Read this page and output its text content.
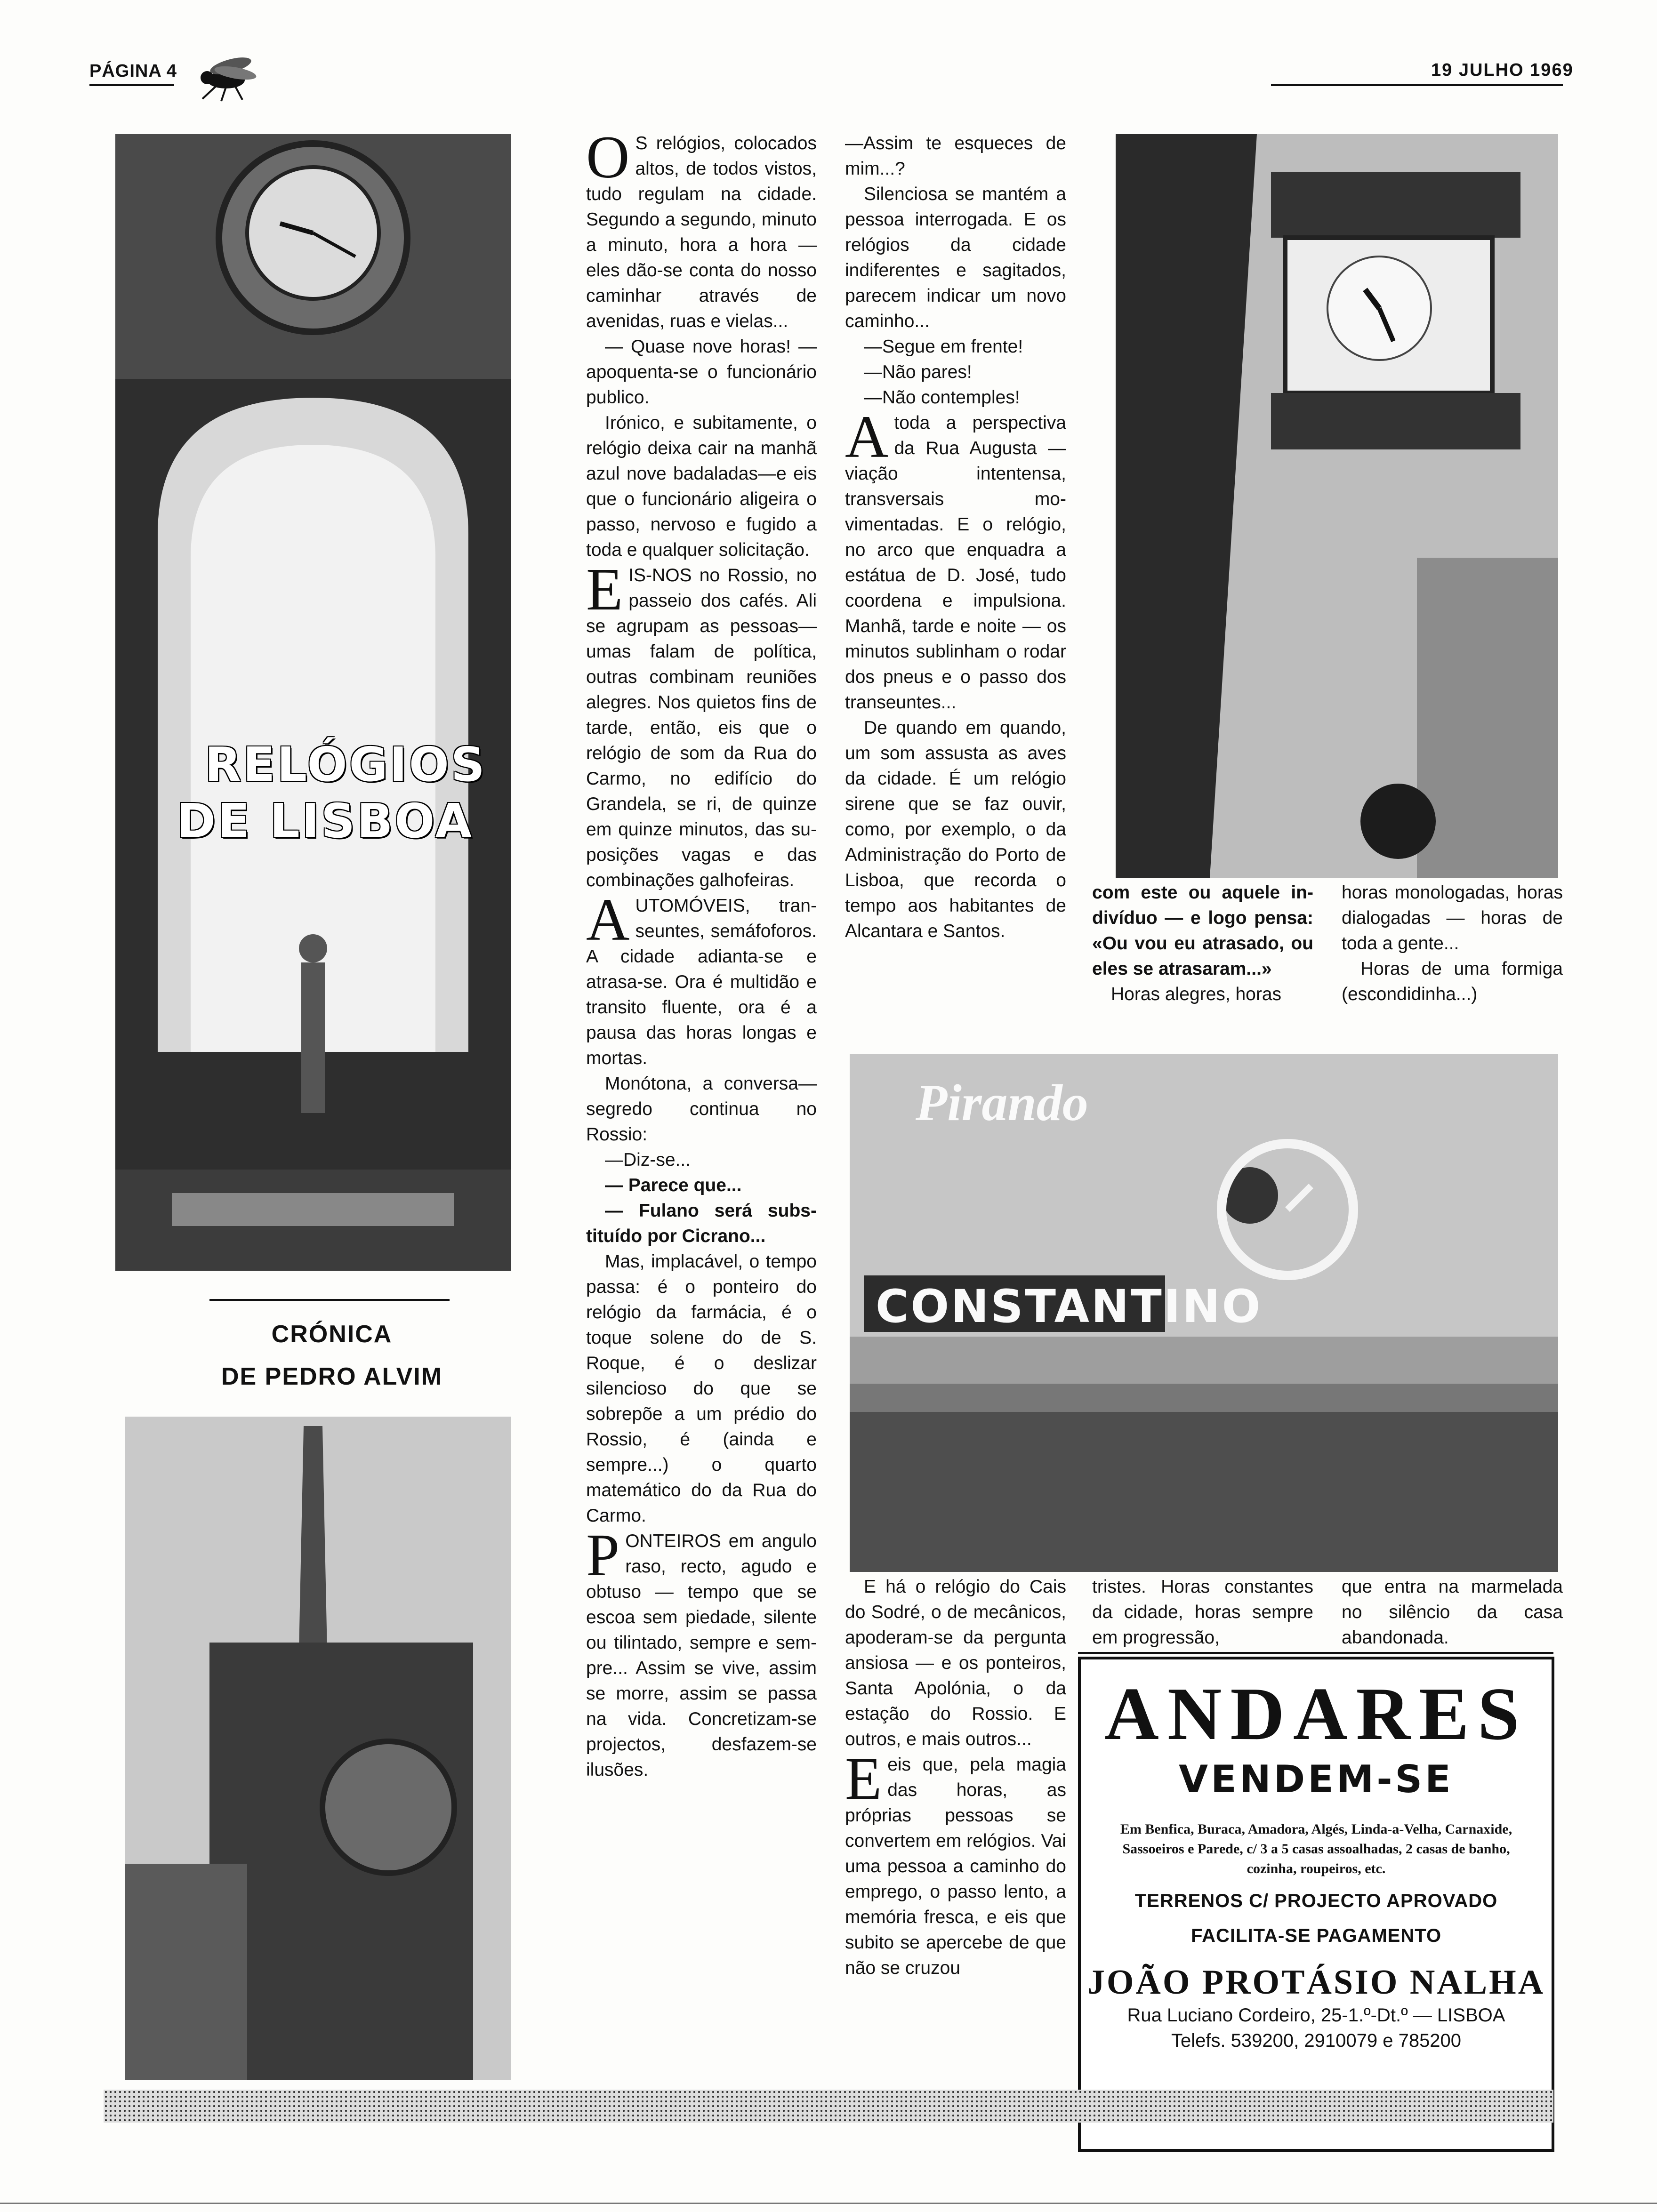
PÁGINA 4	19 JULHO 1969
RELÓGIOS
DE LISBOA
CRÓNICA
DE PEDRO ALVIM

O S relógios, colocados altos, de todos vistos, tudo regulam na cidade. Segundo a segundo, minuto a minuto, hora a hora — eles dão-se conta do nosso caminhar através de avenidas, ruas e vielas...

— Quase nove horas! — apoquenta-se o funcionário publico.

Irónico, e subitamente, o relógio deixa cair na manhã azul nove badaladas—e eis que o funcionário aligeira o passo, nervoso e fugido a toda e qualquer solicitação.

EIS-NOS no Rossio, no passeio dos cafés. Ali se agrupam as pessoas—umas falam de política, outras combinam reuniões alegres. Nos quietos fins de tarde, então, eis que o relógio de som da Rua do Carmo, no edifício do Grandela, se ri, de quinze em quinze minutos, das suposições vagas e das combinações galhofeiras.

AUTOMÓVEIS, transeuntes, semáfoforos. A cidade adianta-se e atrasa-se. Ora é multidão e transito fluente, ora é a pausa das horas longas e mortas.

Monótona, a conversa—segredo continua no Rossio:

—Diz-se...

— Parece que...

— Fulano será substituído por Cicrano...

Mas, implacável, o tempo passa: é o ponteiro do relógio da farmácia, é o toque solene do de S. Roque, é o deslizar silencioso do que se sobrepõe a um prédio do Rossio, é (ainda e sempre...) o quarto matemático do da Rua do Carmo.

PONTEIROS em angulo raso, recto, agudo e obtuso — tempo que se escoa sem piedade, silente ou tilintado, sempre e sempre... Assim se vive, assim se morre, assim se passa na vida. Concretizam-se projectos, desfazem-se ilusões.

—Assim te esqueces de mim...?

Silenciosa se mantém a pessoa interrogada. E os relógios da cidade indiferentes e sagitados, parecem indicar um novo caminho...

—Segue em frente!

—Não pares!

—Não contemples!

A toda a perspectiva da Rua Augusta — viação intentensa, transversais movimentadas. E o relógio, no arco que enquadra a estátua de D. José, tudo coordena e impulsiona. Manhã, tarde e noite — os minutos sublinham o rodar dos pneus e o passo dos transeuntes...

De quando em quando, um som assusta as aves da cidade. É um relógio sirene que se faz ouvir, como, por exemplo, o da Administração do Porto de Lisboa, que recorda o tempo aos habitantes de Alcantara e Santos.

com este ou aquele indivíduo — e logo pensa: «Ou vou eu atrasado, ou eles se atrasaram...»

Horas alegres, horas

horas monologadas, horas dialogadas — horas de toda a gente...

Horas de uma formiga (escondidinha...)

Pirando
CONSTANTINO

E há o relógio do Cais do Sodré, o de mecânicos, apoderam-se da pergunta ansiosa — e os ponteiros, Santa Apolónia, o da estação do Rossio. E outros, e mais outros...

E eis que, pela magia das horas, as próprias pessoas se convertem em relógios. Vai uma pessoa a caminho do emprego, o passo lento, a memória fresca, e eis que subito se apercebe de que não se cruzou

tristes. Horas constantes da cidade, horas sempre em progressão,

que entra na marmelada no silêncio da casa abandonada.

ANDARES
VENDEM-SE
Em Benfica, Buraca, Amadora, Algés, Linda-a-Velha, Carnaxide, Sassoeiros e Parede, c/ 3 a 5 casas assoalhadas, 2 casas de banho, cozinha, roupeiros, etc.
TERRENOS C/ PROJECTO APROVADO
FACILITA-SE PAGAMENTO
JOÃO PROTÁSIO NALHA
Rua Luciano Cordeiro, 25-1.º-Dt.º — LISBOA
Telefs. 539200, 2910079 e 785200
